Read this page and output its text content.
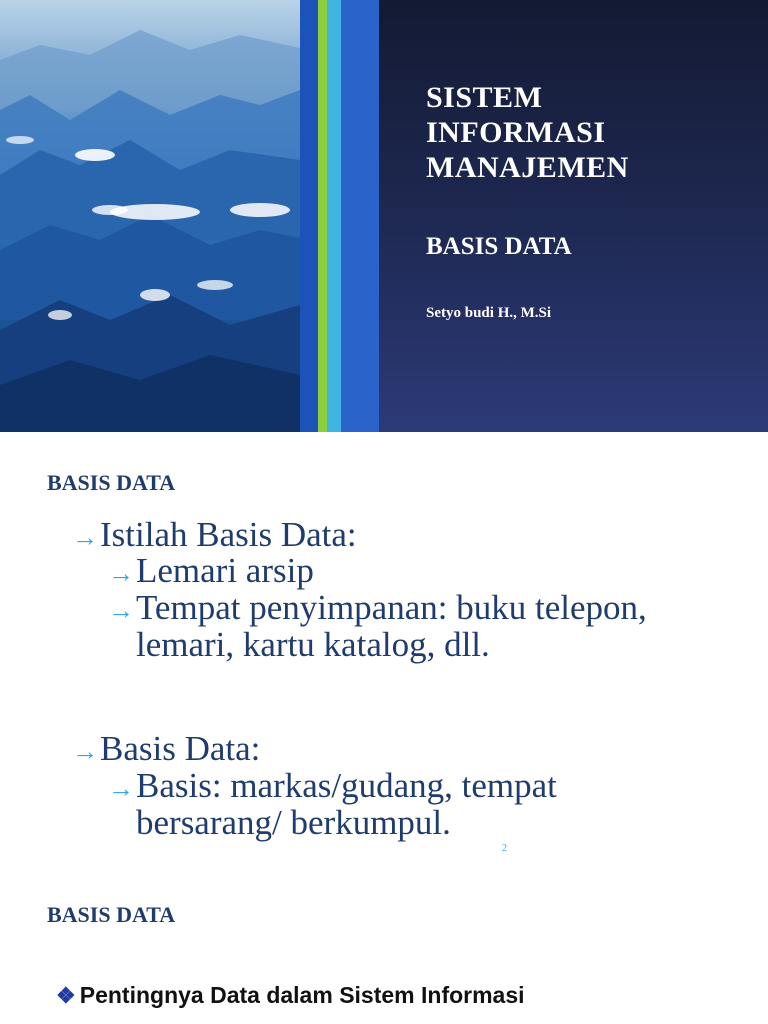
SISTEM
INFORMASI
MANAJEMEN
BASIS DATA
Setyo budi H., M.Si
BASIS DATA
→Istilah Basis Data:
→Lemari arsip
→Tempat penyimpanan: buku telepon,
lemari, kartu katalog, dll.
→Basis Data:
→Basis: markas/gudang, tempat
bersarang/ berkumpul.
2
BASIS DATA
❖ Pentingnya Data dalam Sistem Informasi
